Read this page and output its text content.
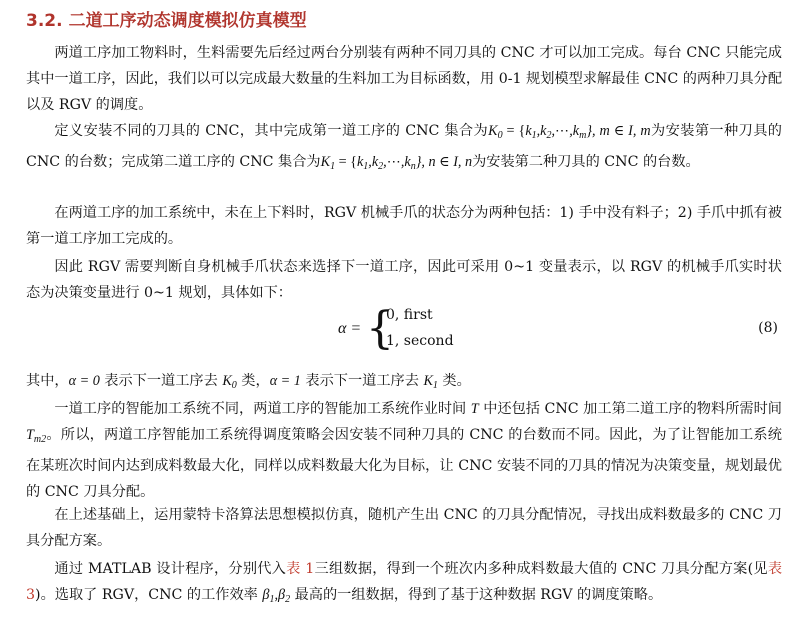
3.2. 二道工序动态调度模拟仿真模型
两道工序加工物料时，生料需要先后经过两台分别装有两种不同刀具的 CNC 才可以加工完成。每台 CNC 只能完成其中一道工序，因此，我们以可以完成最大数量的生料加工为目标函数，用 0-1 规划模型求解最佳 CNC 的两种刀具分配以及 RGV 的调度。
定义安装不同的刀具的 CNC，其中完成第一道工序的 CNC 集合为$K_0$ = $\{k_1,k_2,\cdots,k_m\}$, m ∈ I, m为安装第一种刀具的 CNC 的台数；完成第二道工序的 CNC 集合为$K_1$ = $\{k_1,k_2,\cdots,k_n\}$, n ∈ I, n为安装第二种刀具的 CNC 的台数。
在两道工序的加工系统中，未在上下料时，RGV 机械手爪的状态分为两种包括：1) 手中没有料子；2) 手爪中抓有被第一道工序加工完成的。
因此 RGV 需要判断自身机械手爪状态来选择下一道工序，因此可采用 0~1 变量表示，以 RGV 的机械手爪实时状态为决策变量进行 0~1 规划，具体如下：
α = {
0, first
1, second
(8)
其中，α = 0 表示下一道工序去 $K_0$ 类，α = 1 表示下一道工序去 $K_1$ 类。
一道工序的智能加工系统不同，两道工序的智能加工系统作业时间 T 中还包括 CNC 加工第二道工序的物料所需时间 $T_{m2}$。所以，两道工序智能加工系统得调度策略会因安装不同种刀具的 CNC 的台数而不同。因此，为了让智能加工系统在某班次时间内达到成料数最大化，同样以成料数最大化为目标，让 CNC 安装不同的刀具的情况为决策变量，规划最优的 CNC 刀具分配。
在上述基础上，运用蒙特卡洛算法思想模拟仿真，随机产生出 CNC 的刀具分配情况，寻找出成料数最多的 CNC 刀具分配方案。
通过 MATLAB 设计程序，分别代入表 1三组数据，得到一个班次内多种成料数最大值的 CNC 刀具分配方案(见表 3)。选取了 RGV，CNC 的工作效率 $\beta_1,\beta_2$ 最高的一组数据，得到了基于这种数据 RGV 的调度策略。
